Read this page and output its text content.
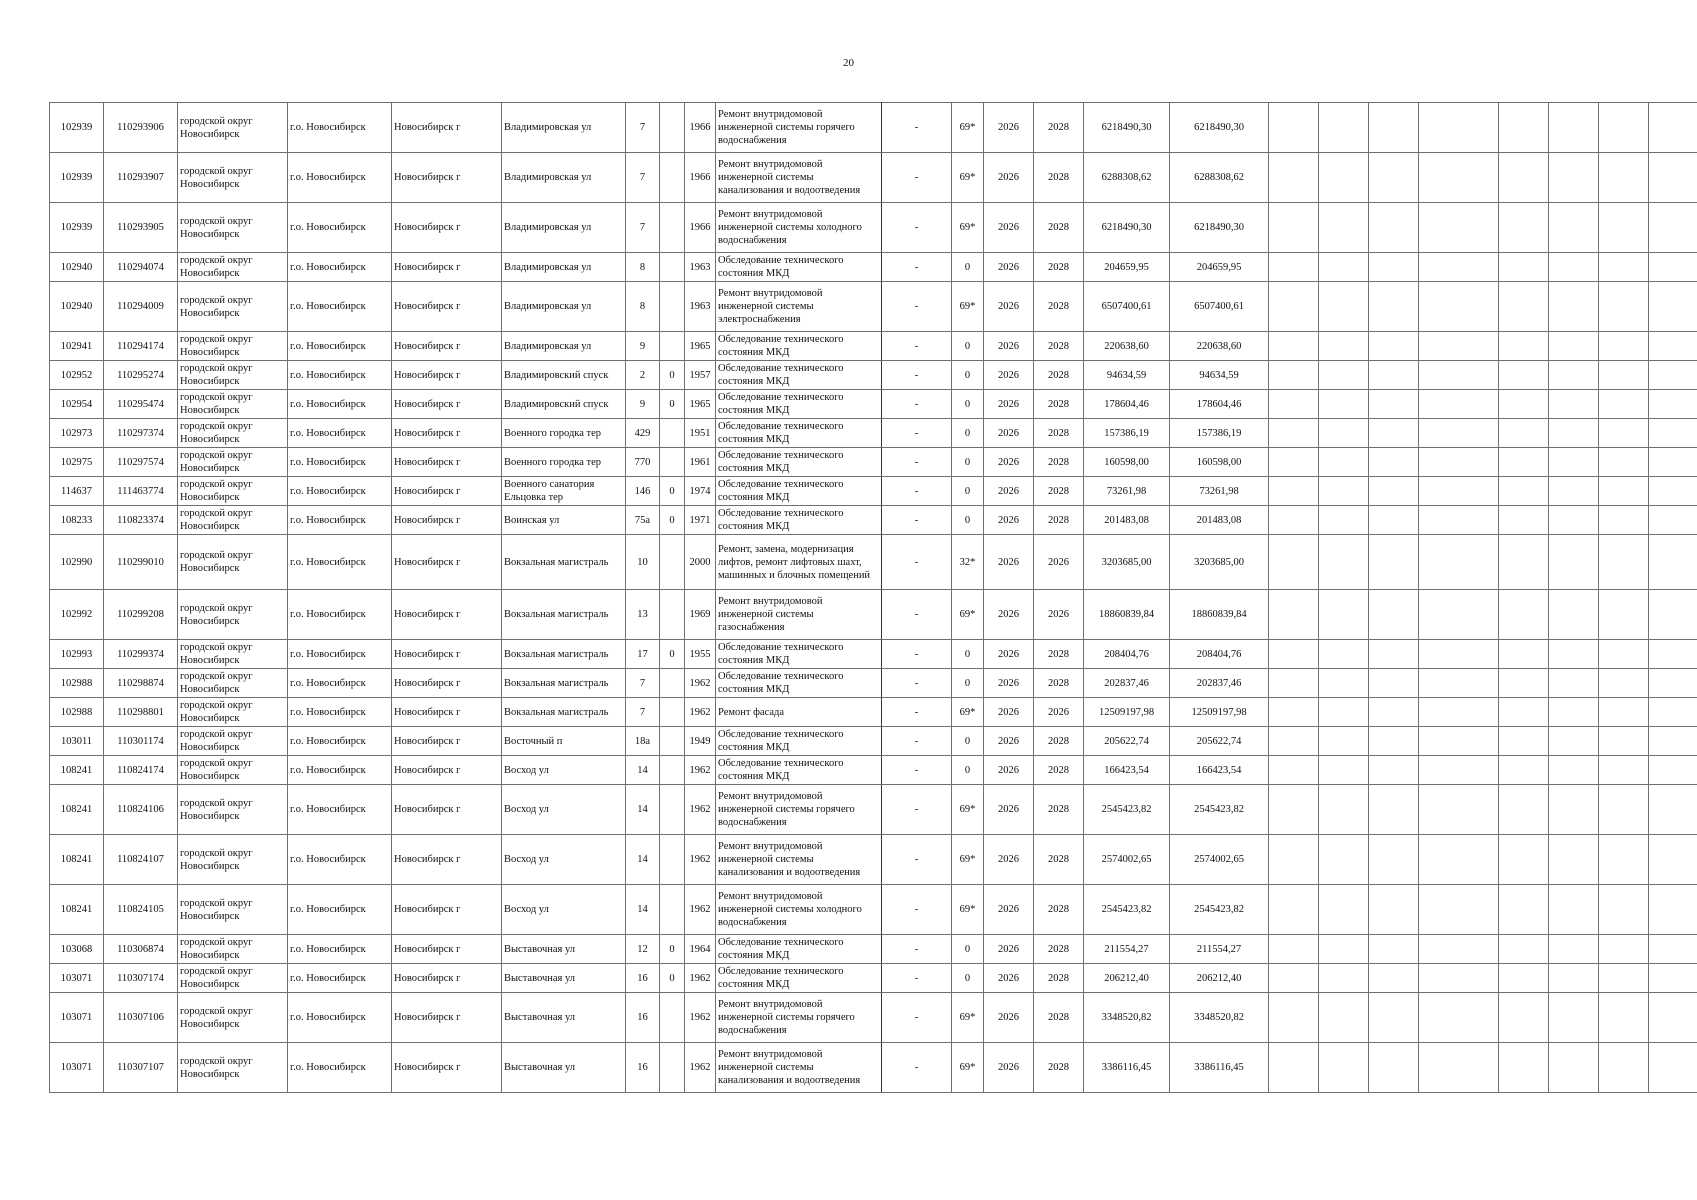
20
102939	110293906	городской округ Новосибирск	г.о. Новосибирск	Новосибирск г	Владимировская ул	7		1966	Ремонт внутридомовой инженерной системы горячего водоснабжения	-	69*	2026	2028	6218490,30	6218490,30								
102939	110293907	городской округ Новосибирск	г.о. Новосибирск	Новосибирск г	Владимировская ул	7		1966	Ремонт внутридомовой инженерной системы канализования и водоотведения	-	69*	2026	2028	6288308,62	6288308,62								
102939	110293905	городской округ Новосибирск	г.о. Новосибирск	Новосибирск г	Владимировская ул	7		1966	Ремонт внутридомовой инженерной системы холодного водоснабжения	-	69*	2026	2028	6218490,30	6218490,30								
102940	110294074	городской округ Новосибирск	г.о. Новосибирск	Новосибирск г	Владимировская ул	8		1963	Обследование технического состояния МКД	-	0	2026	2028	204659,95	204659,95								
102940	110294009	городской округ Новосибирск	г.о. Новосибирск	Новосибирск г	Владимировская ул	8		1963	Ремонт внутридомовой инженерной системы электроснабжения	-	69*	2026	2028	6507400,61	6507400,61								
102941	110294174	городской округ Новосибирск	г.о. Новосибирск	Новосибирск г	Владимировская ул	9		1965	Обследование технического состояния МКД	-	0	2026	2028	220638,60	220638,60								
102952	110295274	городской округ Новосибирск	г.о. Новосибирск	Новосибирск г	Владимировский спуск	2	0	1957	Обследование технического состояния МКД	-	0	2026	2028	94634,59	94634,59								
102954	110295474	городской округ Новосибирск	г.о. Новосибирск	Новосибирск г	Владимировский спуск	9	0	1965	Обследование технического состояния МКД	-	0	2026	2028	178604,46	178604,46								
102973	110297374	городской округ Новосибирск	г.о. Новосибирск	Новосибирск г	Военного городка тер	429		1951	Обследование технического состояния МКД	-	0	2026	2028	157386,19	157386,19								
102975	110297574	городской округ Новосибирск	г.о. Новосибирск	Новосибирск г	Военного городка тер	770		1961	Обследование технического состояния МКД	-	0	2026	2028	160598,00	160598,00								
114637	111463774	городской округ Новосибирск	г.о. Новосибирск	Новосибирск г	Военного санатория Ельцовка тер	146	0	1974	Обследование технического состояния МКД	-	0	2026	2028	73261,98	73261,98								
108233	110823374	городской округ Новосибирск	г.о. Новосибирск	Новосибирск г	Воинская ул	75а	0	1971	Обследование технического состояния МКД	-	0	2026	2028	201483,08	201483,08								
102990	110299010	городской округ Новосибирск	г.о. Новосибирск	Новосибирск г	Вокзальная магистраль	10		2000	Ремонт, замена, модернизация лифтов, ремонт лифтовых шахт, машинных и блочных помещений	-	32*	2026	2026	3203685,00	3203685,00								
102992	110299208	городской округ Новосибирск	г.о. Новосибирск	Новосибирск г	Вокзальная магистраль	13		1969	Ремонт внутридомовой инженерной системы газоснабжения	-	69*	2026	2026	18860839,84	18860839,84								
102993	110299374	городской округ Новосибирск	г.о. Новосибирск	Новосибирск г	Вокзальная магистраль	17	0	1955	Обследование технического состояния МКД	-	0	2026	2028	208404,76	208404,76								
102988	110298874	городской округ Новосибирск	г.о. Новосибирск	Новосибирск г	Вокзальная магистраль	7		1962	Обследование технического состояния МКД	-	0	2026	2028	202837,46	202837,46								
102988	110298801	городской округ Новосибирск	г.о. Новосибирск	Новосибирск г	Вокзальная магистраль	7		1962	Ремонт фасада	-	69*	2026	2026	12509197,98	12509197,98								
103011	110301174	городской округ Новосибирск	г.о. Новосибирск	Новосибирск г	Восточный п	18а		1949	Обследование технического состояния МКД	-	0	2026	2028	205622,74	205622,74								
108241	110824174	городской округ Новосибирск	г.о. Новосибирск	Новосибирск г	Восход ул	14		1962	Обследование технического состояния МКД	-	0	2026	2028	166423,54	166423,54								
108241	110824106	городской округ Новосибирск	г.о. Новосибирск	Новосибирск г	Восход ул	14		1962	Ремонт внутридомовой инженерной системы горячего водоснабжения	-	69*	2026	2028	2545423,82	2545423,82								
108241	110824107	городской округ Новосибирск	г.о. Новосибирск	Новосибирск г	Восход ул	14		1962	Ремонт внутридомовой инженерной системы канализования и водоотведения	-	69*	2026	2028	2574002,65	2574002,65								
108241	110824105	городской округ Новосибирск	г.о. Новосибирск	Новосибирск г	Восход ул	14		1962	Ремонт внутридомовой инженерной системы холодного водоснабжения	-	69*	2026	2028	2545423,82	2545423,82								
103068	110306874	городской округ Новосибирск	г.о. Новосибирск	Новосибирск г	Выставочная ул	12	0	1964	Обследование технического состояния МКД	-	0	2026	2028	211554,27	211554,27								
103071	110307174	городской округ Новосибирск	г.о. Новосибирск	Новосибирск г	Выставочная ул	16	0	1962	Обследование технического состояния МКД	-	0	2026	2028	206212,40	206212,40								
103071	110307106	городской округ Новосибирск	г.о. Новосибирск	Новосибирск г	Выставочная ул	16		1962	Ремонт внутридомовой инженерной системы горячего водоснабжения	-	69*	2026	2028	3348520,82	3348520,82								
103071	110307107	городской округ Новосибирск	г.о. Новосибирск	Новосибирск г	Выставочная ул	16		1962	Ремонт внутридомовой инженерной системы канализования и водоотведения	-	69*	2026	2028	3386116,45	3386116,45								
